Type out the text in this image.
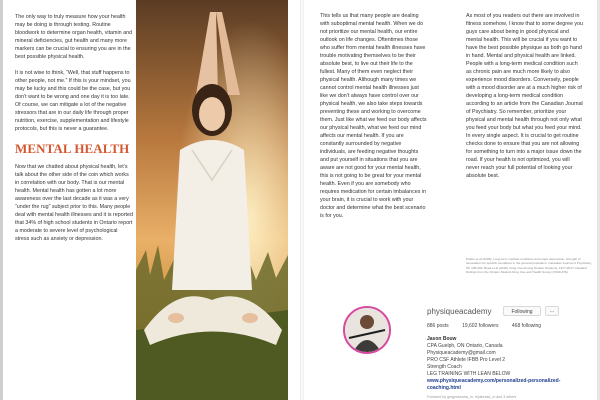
The only way to truly measure how your health may be doing is through testing. Routine bloodwork to determine organ health, vitamin and mineral deficiencies, gut health and many more markers can be crucial to ensuring you are in the best possible physical health.

It is not wise to think, “Well, that stuff happens to other people, not me.” If this is your mindset, you may be lucky and this could be the case, but you don’t want to be wrong and one day it is too late. Of course, we can mitigate a lot of the negative stressors that are in our daily life through proper nutrition, exercise, supplementation and lifestyle protocols, but this is never a guarantee.

MENTAL HEALTH

Now that we chatted about physical health, let’s talk about the other side of the coin which works in correlation with our body. That is our mental health. Mental health has gotten a lot more awareness over the last decade as it was a very “under the rug” subject prior to this. Many people deal with mental health illnesses and it is reported that 34% of high school students in Ontario report a moderate to severe level of psychological stress such as anxiety or depression.

This tells us that many people are dealing with suboptimal mental health. When we do not prioritize our mental health, our entire outlook on life changes. Oftentimes those who suffer from mental health illnesses have trouble motivating themselves to be their absolute best, to live out their life to the fullest. Many of them even neglect their physical health. Although many times we cannot control mental health illnesses just like we don’t always have control over our physical health, we also take steps towards preventing these and working to overcome them. Just like what we feed our body affects our physical health, what we feed our mind affects our mental health. If you are constantly surrounded by negative individuals, are feeding negative thoughts and put yourself in situations that you are aware are not good for your mental health, this is not going to be great for your mental health. Even if you are somebody who requires medication for certain imbalances in your brain, it is crucial to work with your doctor and determine what the best scenario is for you.

As most of you readers out there are involved in fitness somehow, I know that to some degree you guys care about being in good physical and mental health. This will be crucial if you want to have the best possible physique as both go hand in hand. Mental and physical health are linked. People with a long-term medical condition such as chronic pain are much more likely to also experience mood disorders. Conversely, people with a mood disorder are at a much higher risk of developing a long-term medical condition according to an article from the Canadian Journal of Psychiatry. So remember, prioritize your physical and mental health through not only what you feed your body but what you feed your mind. In every single aspect. It is crucial to get routine checks done to ensure that you are not allowing for something to turn into a major issue down the road. If your health is not optimized, you will never reach your full potential of looking your absolute best.

Patten et al (2005). Long-term medical conditions and major depression: strength of association for specific conditions in the general population. Canadian Journal of Psychiatry, 50: 195-202. Boak et al (2018). Drug Use Among Ontario Students, 1977-2017: Detailed findings from the Ontario Student Drug Use and Health Survey (OSDUHS).
physiqueacademy	Following	···
886 posts	19,602 followers	468 following
Jason Bouw
CPA Guelph, ON Ontario, Canada
Physiqueacademy@gmail.com
PRO CSF Athlete IFBB Pro Level 2
Strength Coach
LEG TRAINING WITH LEAN BELOW
www.physiqueacademy.com/personalized-personalized-coaching.html
Followed by gingerdwana_m, rhysbrass_m and 3 others
